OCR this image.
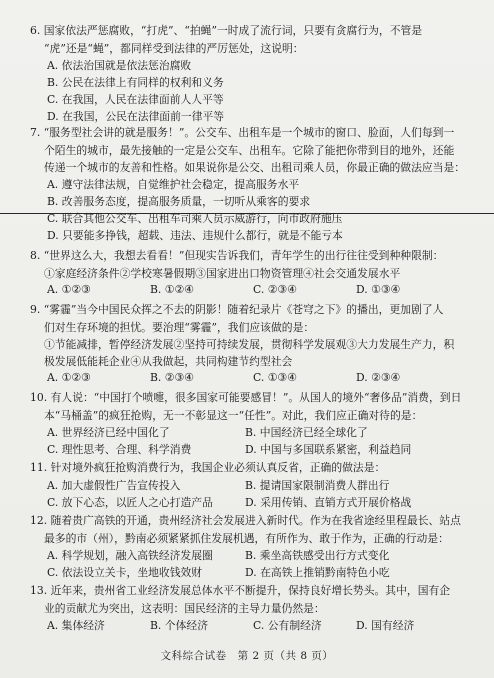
6. 国家依法严惩腐败，“打虎”、“拍蝇”一时成了流行词，只要有贪腐行为，不管是
“虎”还是“蝇”，都同样受到法律的严厉惩处，这说明：
A. 依法治国就是依法惩治腐败
B. 公民在法律上有同样的权利和义务
C. 在我国，人民在法律面前人人平等
D. 在我国，公民在法律面前一律平等
7. “服务型社会讲的就是服务！”。公交车、出租车是一个城市的窗口、脸面，人们每到一
个陌生的城市，最先接触的一定是公交车、出租车。它除了能把你带到目的地外，还能
传递一个城市的友善和性格。如果说你是公交、出租司乘人员，你最正确的做法应当是：
A. 遵守法律法规，自觉维护社会稳定，提高服务水平
B. 改善服务态度，提高服务质量，一切听从乘客的要求
C. 联合其他公交车、出租车司乘人员示威游行，向市政府施压
D. 只要能多挣钱，超载、违法、违规什么都行，就是不能亏本
8. “世界这么大，我想去看看！”但现实告诉我们，青年学生的出行往往受到种种限制：
①家庭经济条件②学校寒暑假期③国家进出口物资管理④社会交通发展水平
A. ①②③	B. ①②④	C. ②③④	D. ①③④
9. “雾霾”当今中国民众挥之不去的阴影！随着纪录片《苍穹之下》的播出，更加剧了人
们对生存环境的担忧。要治理“雾霾”，我们应该做的是：
①节能减排，暂停经济发展②坚持可持续发展，贯彻科学发展观③大力发展生产力，积
极发展低能耗企业④从我做起，共同构建节约型社会
A. ①②③	B. ②③④	C. ①③④	D. ②③④
10. 有人说：“中国打个喷嚏，很多国家可能要感冒！”。从国人的境外“奢侈品”消费，到日
本“马桶盖”的疯狂抢购，无一不彰显这一“任性”。对此，我们应正确对待的是：
A. 世界经济已经中国化了	B. 中国经济已经全球化了
C. 理性思考、合理、科学消费	D. 中国与多国联系紧密，利益趋同
11. 针对境外疯狂抢购消费行为，我国企业必须认真反省，正确的做法是：
A. 加大虚假性广告宣传投入	B. 提请国家限制消费人群出行
C. 放下心态，以匠人之心打造产品	D. 采用传销、直销方式开展价格战
12. 随着贵广高铁的开通，贵州经济社会发展进入新时代。作为在我省途经里程最长、站点
最多的市（州），黔南必须紧紧抓住发展机遇，有所作为、敢于作为，正确的行动是：
A. 科学规划，融入高铁经济发展圈	B. 乘坐高铁感受出行方式变化
C. 依法设立关卡，坐地收钱效财	D. 在高铁上推销黔南特色小吃
13. 近年来，贵州省工业经济发展总体水平不断提升，保持良好增长势头。其中，国有企
业的贡献尤为突出，这表明：国民经济的主导力量仍然是：
A. 集体经济	B. 个体经济	C. 公有制经济	D. 国有经济
文科综合试卷　第 2 页（共 8 页）
